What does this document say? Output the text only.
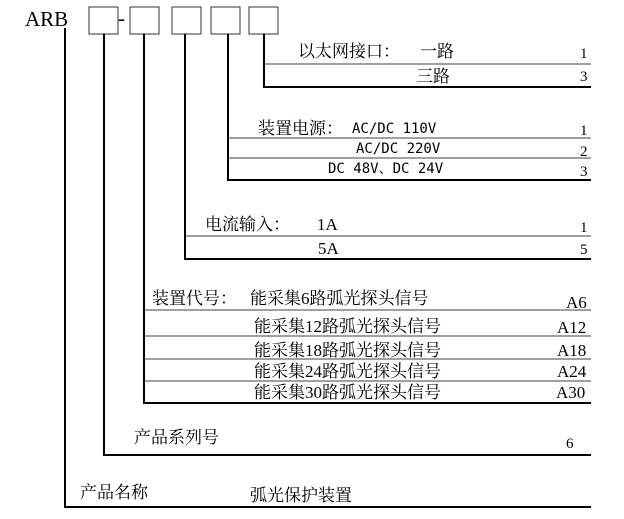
ARB -
以太网接口： 一路	1
三路	3
装置电源： AC/DC 110V	1
AC/DC 220V	2
DC 48V、DC 24V	3
电流输入： 1A	1
5A	5
装置代号： 能采集6路弧光探头信号	A6
能采集12路弧光探头信号	A12
能采集18路弧光探头信号	A18
能采集24路弧光探头信号	A24
能采集30路弧光探头信号	A30
产品系列号	6
产品名称	弧光保护装置
